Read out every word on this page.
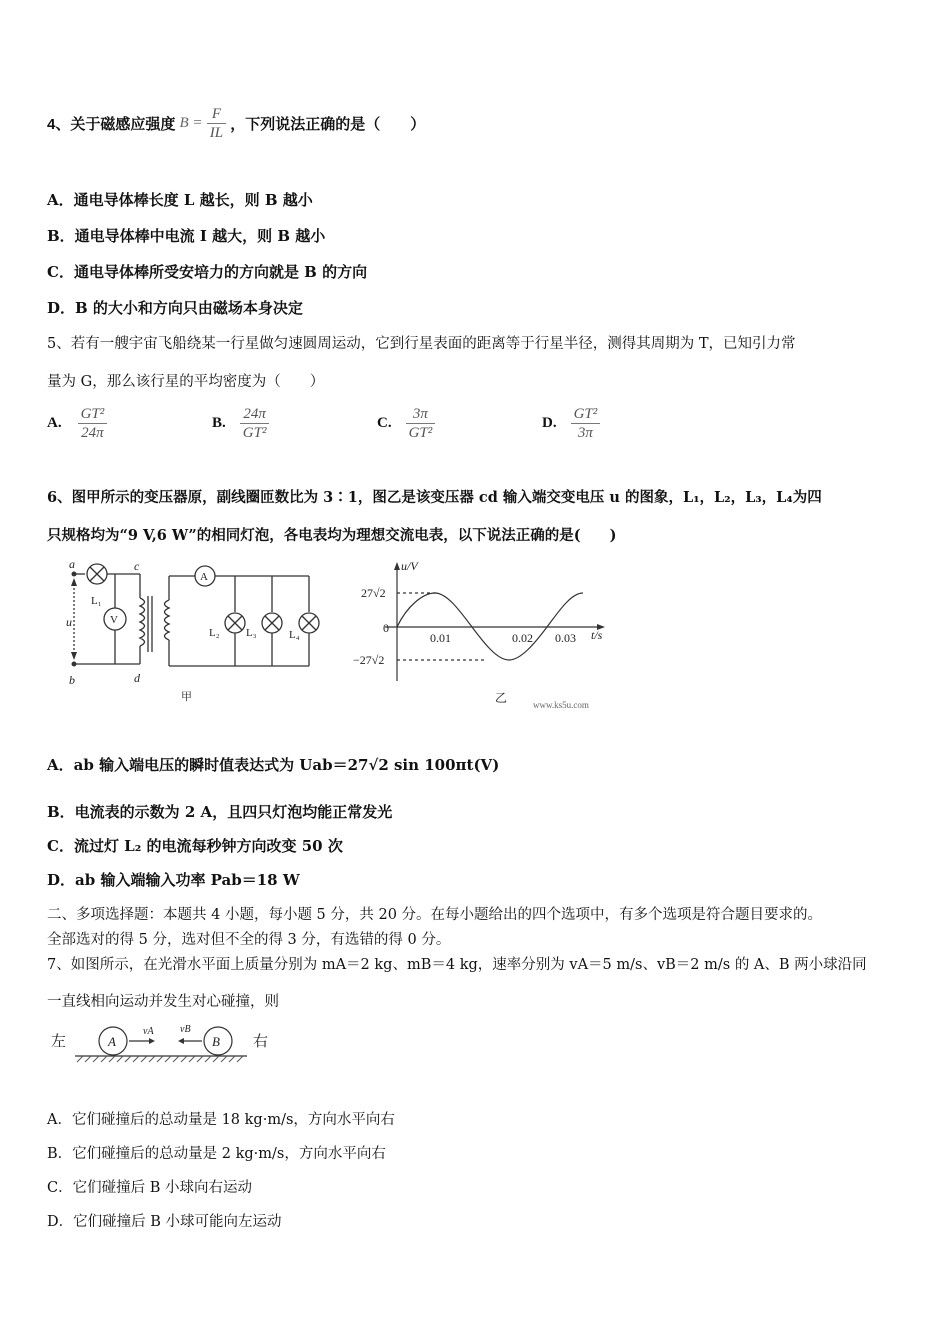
4、关于磁感应强度 $B = \frac{F}{IL}$ ，下列说法正确的是（　　）
A．通电导体棒长度 L 越长，则 B 越小
B．通电导体棒中电流 I 越大，则 B 越小
C．通电导体棒所受安培力的方向就是 B 的方向
D．B 的大小和方向只由磁场本身决定
5、若有一艘宇宙飞船绕某一行星做匀速圆周运动，它到行星表面的距离等于行星半径，测得其周期为 T，已知引力常
量为 G，那么该行星的平均密度为（　　）
A. $\frac{\text{GT²}}{24\pi}$	B. $\frac{24\pi}{\text{GT²}}$	C. $\frac{3\pi}{\text{GT²}}$	D. $\frac{\text{GT²}}{3\pi}$
6、图甲所示的变压器原，副线圈匝数比为 3∶1，图乙是该变压器 cd 输入端交变电压 u 的图象，L₁，L₂，L₃，L₄为四
只规格均为“9 V,6 W”的相同灯泡，各电表均为理想交流电表，以下说法正确的是(　　)
a
b
c
d
u
L₁
L₂ L₃	L₄
V
A
甲
u/V
t/s
27√2
−27√2
0
0.01	0.02 0.03
乙	www.ks5u.com
A．ab 输入端电压的瞬时值表达式为 Uab＝27√2 sin 100πt(V)
B．电流表的示数为 2 A，且四只灯泡均能正常发光
C．流过灯 L₂ 的电流每秒钟方向改变 50 次
D．ab 输入端输入功率 Pab＝18 W
二、多项选择题：本题共 4 小题，每小题 5 分，共 20 分。在每小题给出的四个选项中，有多个选项是符合题目要求的。
全部选对的得 5 分，选对但不全的得 3 分，有选错的得 0 分。
7、如图所示，在光滑水平面上质量分别为 mA＝2 kg、mB＝4 kg，速率分别为 vA＝5 m/s、vB＝2 m/s 的 A、B 两小球沿同
一直线相向运动并发生对心碰撞，则
左	右
A	B
vA	vB
A．它们碰撞后的总动量是 18 kg·m/s，方向水平向右
B．它们碰撞后的总动量是 2 kg·m/s，方向水平向右
C．它们碰撞后 B 小球向右运动
D．它们碰撞后 B 小球可能向左运动
